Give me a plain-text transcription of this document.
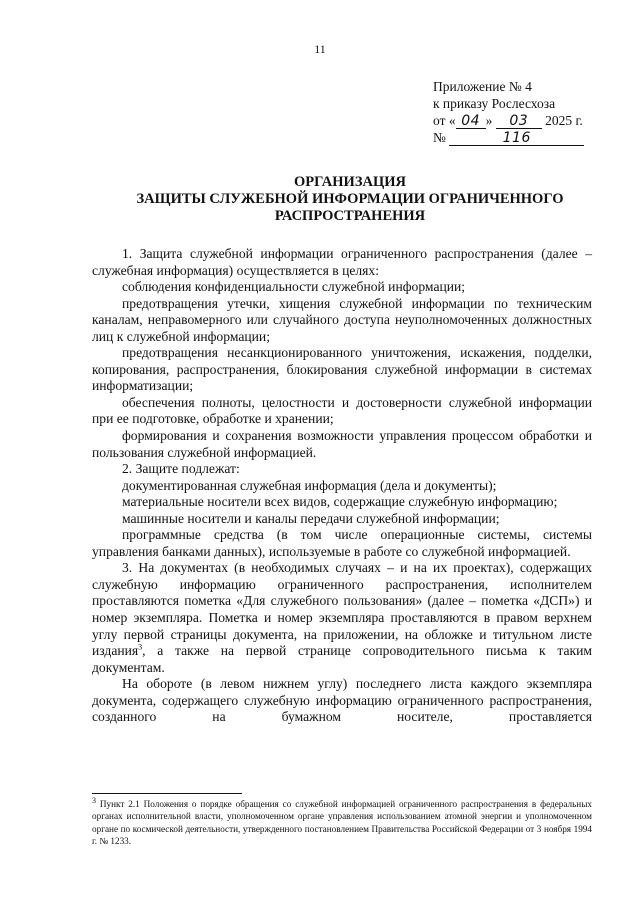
11
Приложение № 4
к приказу Рослесхоза
от « 04 » 03 2025 г.
№	116
ОРГАНИЗАЦИЯ
ЗАЩИТЫ СЛУЖЕБНОЙ ИНФОРМАЦИИ ОГРАНИЧЕННОГО
РАСПРОСТРАНЕНИЯ

1. Защита служебной информации ограниченного распространения (далее – служебная информация) осуществляется в целях:

соблюдения конфиденциальности служебной информации;

предотвращения утечки, хищения служебной информации по техническим каналам, неправомерного или случайного доступа неуполномоченных должностных лиц к служебной информации;

предотвращения несанкционированного уничтожения, искажения, подделки, копирования, распространения, блокирования служебной информации в системах информатизации;

обеспечения полноты, целостности и достоверности служебной информации при ее подготовке, обработке и хранении;

формирования и сохранения возможности управления процессом обработки и пользования служебной информацией.

2. Защите подлежат:

документированная служебная информация (дела и документы);

материальные носители всех видов, содержащие служебную информацию;

машинные носители и каналы передачи служебной информации;

программные средства (в том числе операционные системы, системы управления банками данных), используемые в работе со служебной информацией.

3. На документах (в необходимых случаях – и на их проектах), содержащих служебную информацию ограниченного распространения, исполнителем проставляются пометка «Для служебного пользования» (далее – пометка «ДСП») и номер экземпляра. Пометка и номер экземпляра проставляются в правом верхнем углу первой страницы документа, на приложении, на обложке и титульном листе издания$^3$, а также на первой странице сопроводительного письма к таким документам.

На обороте (в левом нижнем углу) последнего листа каждого экземпляра документа, содержащего служебную информацию ограниченного распространения, созданного на бумажном носителе, проставляется

$^3$ Пункт 2.1 Положения о порядке обращения со служебной информацией ограниченного распространения в федеральных органах исполнительной власти, уполномоченном органе управления использованием атомной энергии и уполномоченном органе по космической деятельности, утвержденного постановлением Правительства Российской Федерации от 3 ноября 1994 г. № 1233.
